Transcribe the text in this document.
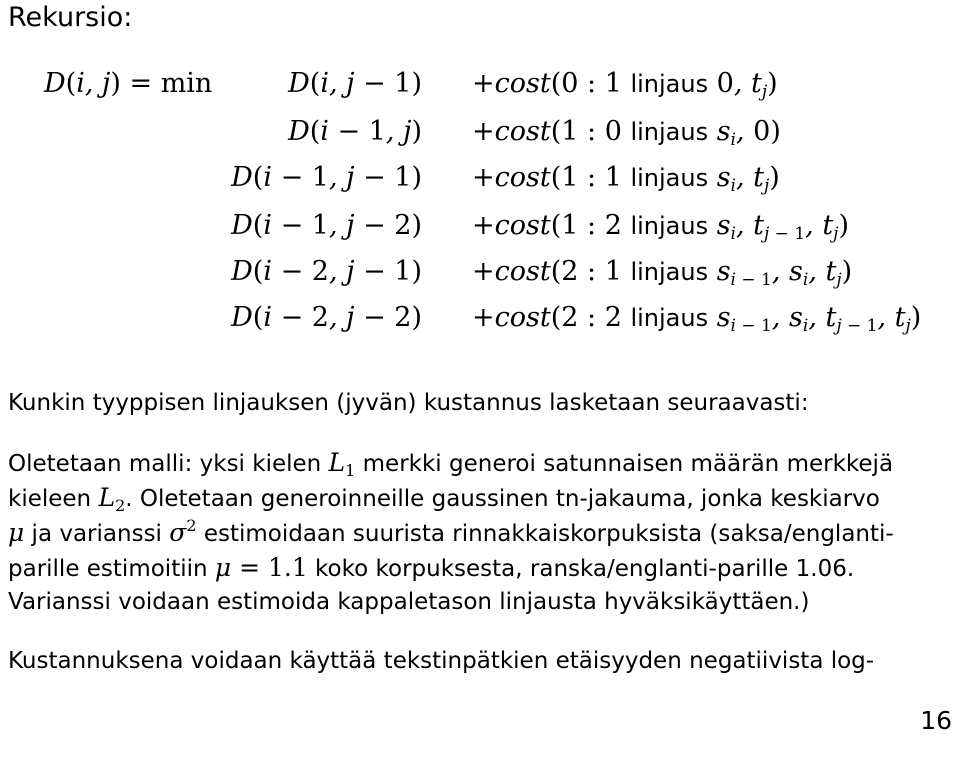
Rekursio:
D(i, j) = min	D(i, j − 1) +cost(0 : 1 linjaus 0, $t_j$)
D(i − 1, j) +cost(1 : 0 linjaus $s_i$, 0)
D(i − 1, j − 1) +cost(1 : 1 linjaus $s_i$, $t_j$)
D(i − 1, j − 2) +cost(1 : 2 linjaus $s_i$, $t_{j - 1}$, $t_j$)
D(i − 2, j − 1) +cost(2 : 1 linjaus $s_{i - 1}$, $s_i$, $t_j$)
D(i − 2, j − 2) +cost(2 : 2 linjaus $s_{i - 1}$, $s_i$, $t_{j - 1}$, $t_j$)
Kunkin tyyppisen linjauksen (jyvän) kustannus lasketaan seuraavasti:
Oletetaan malli: yksi kielen $L_1$ merkki generoi satunnaisen määrän merkkejä
kieleen $L_2$. Oletetaan generoinneille gaussinen tn-jakauma, jonka keskiarvo
μ ja varianssi $\sigma^2$ estimoidaan suurista rinnakkaiskorpuksista (saksa/englanti-
parille estimoitiin μ = 1.1 koko korpuksesta, ranska/englanti-parille 1.06.
Varianssi voidaan estimoida kappaletason linjausta hyväksikäyttäen.)
Kustannuksena voidaan käyttää tekstinpätkien etäisyyden negatiivista log-
16
